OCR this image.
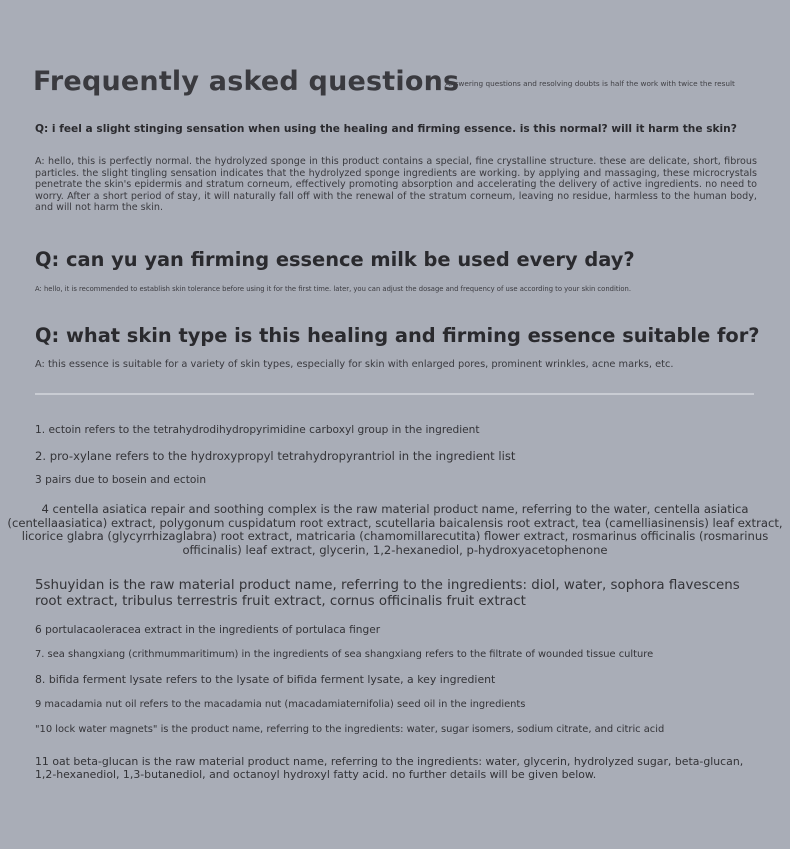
Frequently asked questions
Answering questions and resolving doubts is half the work with twice the result
Q: i feel a slight stinging sensation when using the healing and firming essence. is this normal? will it harm the skin?
A: hello, this is perfectly normal. the hydrolyzed sponge in this product contains a special, fine crystalline structure. these are delicate, short, fibrous particles. the slight tingling sensation indicates that the hydrolyzed sponge ingredients are working. by applying and massaging, these microcrystals penetrate the skin's epidermis and stratum corneum, effectively promoting absorption and accelerating the delivery of active ingredients. no need to worry. After a short period of stay, it will naturally fall off with the renewal of the stratum corneum, leaving no residue, harmless to the human body, and will not harm the skin.
Q: can yu yan firming essence milk be used every day?
A: hello, it is recommended to establish skin tolerance before using it for the first time. later, you can adjust the dosage and frequency of use according to your skin condition.
Q: what skin type is this healing and firming essence suitable for?
A: this essence is suitable for a variety of skin types, especially for skin with enlarged pores, prominent wrinkles, acne marks, etc.
1. ectoin refers to the tetrahydrodihydropyrimidine carboxyl group in the ingredient
2. pro-xylane refers to the hydroxypropyl tetrahydropyrantriol in the ingredient list
3 pairs due to bosein and ectoin
4 centella asiatica repair and soothing complex is the raw material product name, referring to the water, centella asiatica (centellaasiatica) extract, polygonum cuspidatum root extract, scutellaria baicalensis root extract, tea (camelliasinensis) leaf extract, licorice glabra (glycyrrhizaglabra) root extract, matricaria (chamomillarecutita) flower extract, rosmarinus officinalis (rosmarinus officinalis) leaf extract, glycerin, 1,2-hexanediol, p-hydroxyacetophenone
5shuyidan is the raw material product name, referring to the ingredients: diol, water, sophora flavescens root extract, tribulus terrestris fruit extract, cornus officinalis fruit extract
6 portulacaoleracea extract in the ingredients of portulaca finger
7. sea shangxiang (crithmummaritimum) in the ingredients of sea shangxiang refers to the filtrate of wounded tissue culture
8. bifida ferment lysate refers to the lysate of bifida ferment lysate, a key ingredient
9 macadamia nut oil refers to the macadamia nut (macadamiaternifolia) seed oil in the ingredients
"10 lock water magnets" is the product name, referring to the ingredients: water, sugar isomers, sodium citrate, and citric acid
11 oat beta-glucan is the raw material product name, referring to the ingredients: water, glycerin, hydrolyzed sugar, beta-glucan, 1,2-hexanediol, 1,3-butanediol, and octanoyl hydroxyl fatty acid. no further details will be given below.
